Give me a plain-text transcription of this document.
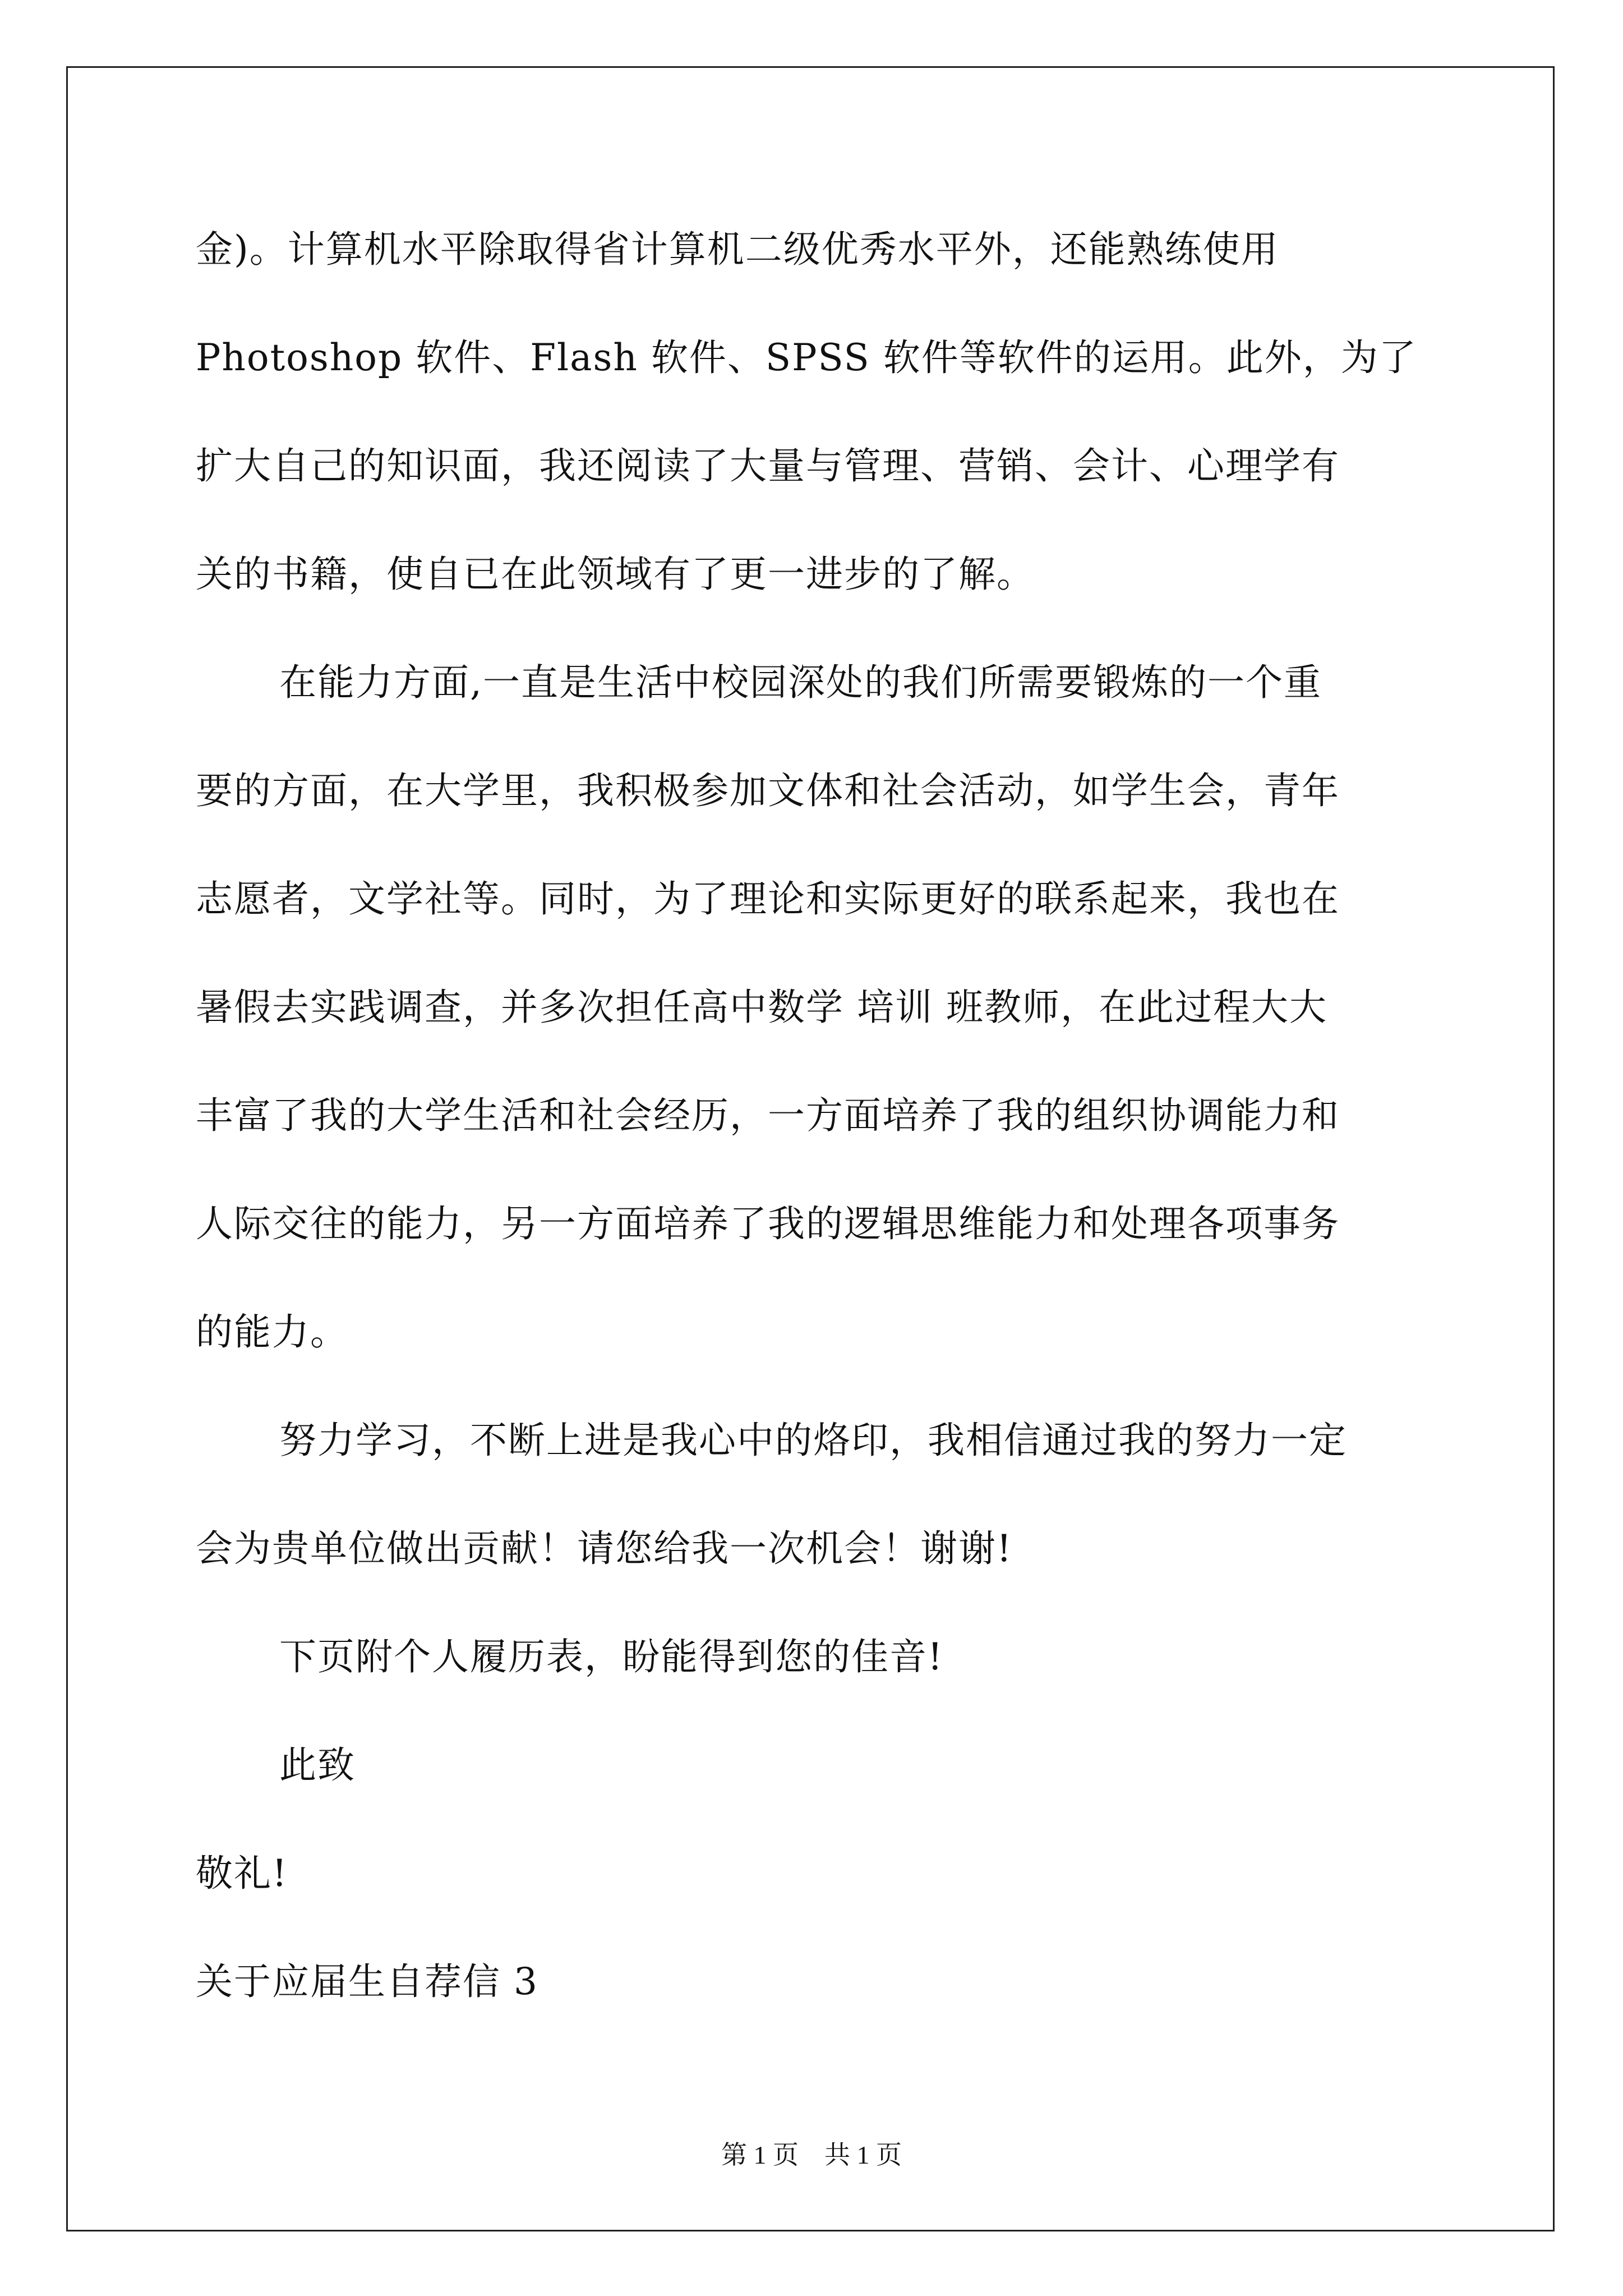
金)。计算机水平除取得省计算机二级优秀水平外，还能熟练使用
Photoshop 软件、Flash 软件、SPSS 软件等软件的运用。此外，为了
扩大自己的知识面，我还阅读了大量与管理、营销、会计、心理学有
关的书籍，使自已在此领域有了更一进步的了解。
在能力方面,一直是生活中校园深处的我们所需要锻炼的一个重
要的方面，在大学里，我积极参加文体和社会活动，如学生会，青年
志愿者，文学社等。同时，为了理论和实际更好的联系起来，我也在
暑假去实践调查，并多次担任高中数学 培训 班教师，在此过程大大
丰富了我的大学生活和社会经历，一方面培养了我的组织协调能力和
人际交往的能力，另一方面培养了我的逻辑思维能力和处理各项事务
的能力。
努力学习，不断上进是我心中的烙印，我相信通过我的努力一定
会为贵单位做出贡献！请您给我一次机会！谢谢!
下页附个人履历表，盼能得到您的佳音!
此致
敬礼!
关于应届生自荐信 3
第 1 页　共 1 页
